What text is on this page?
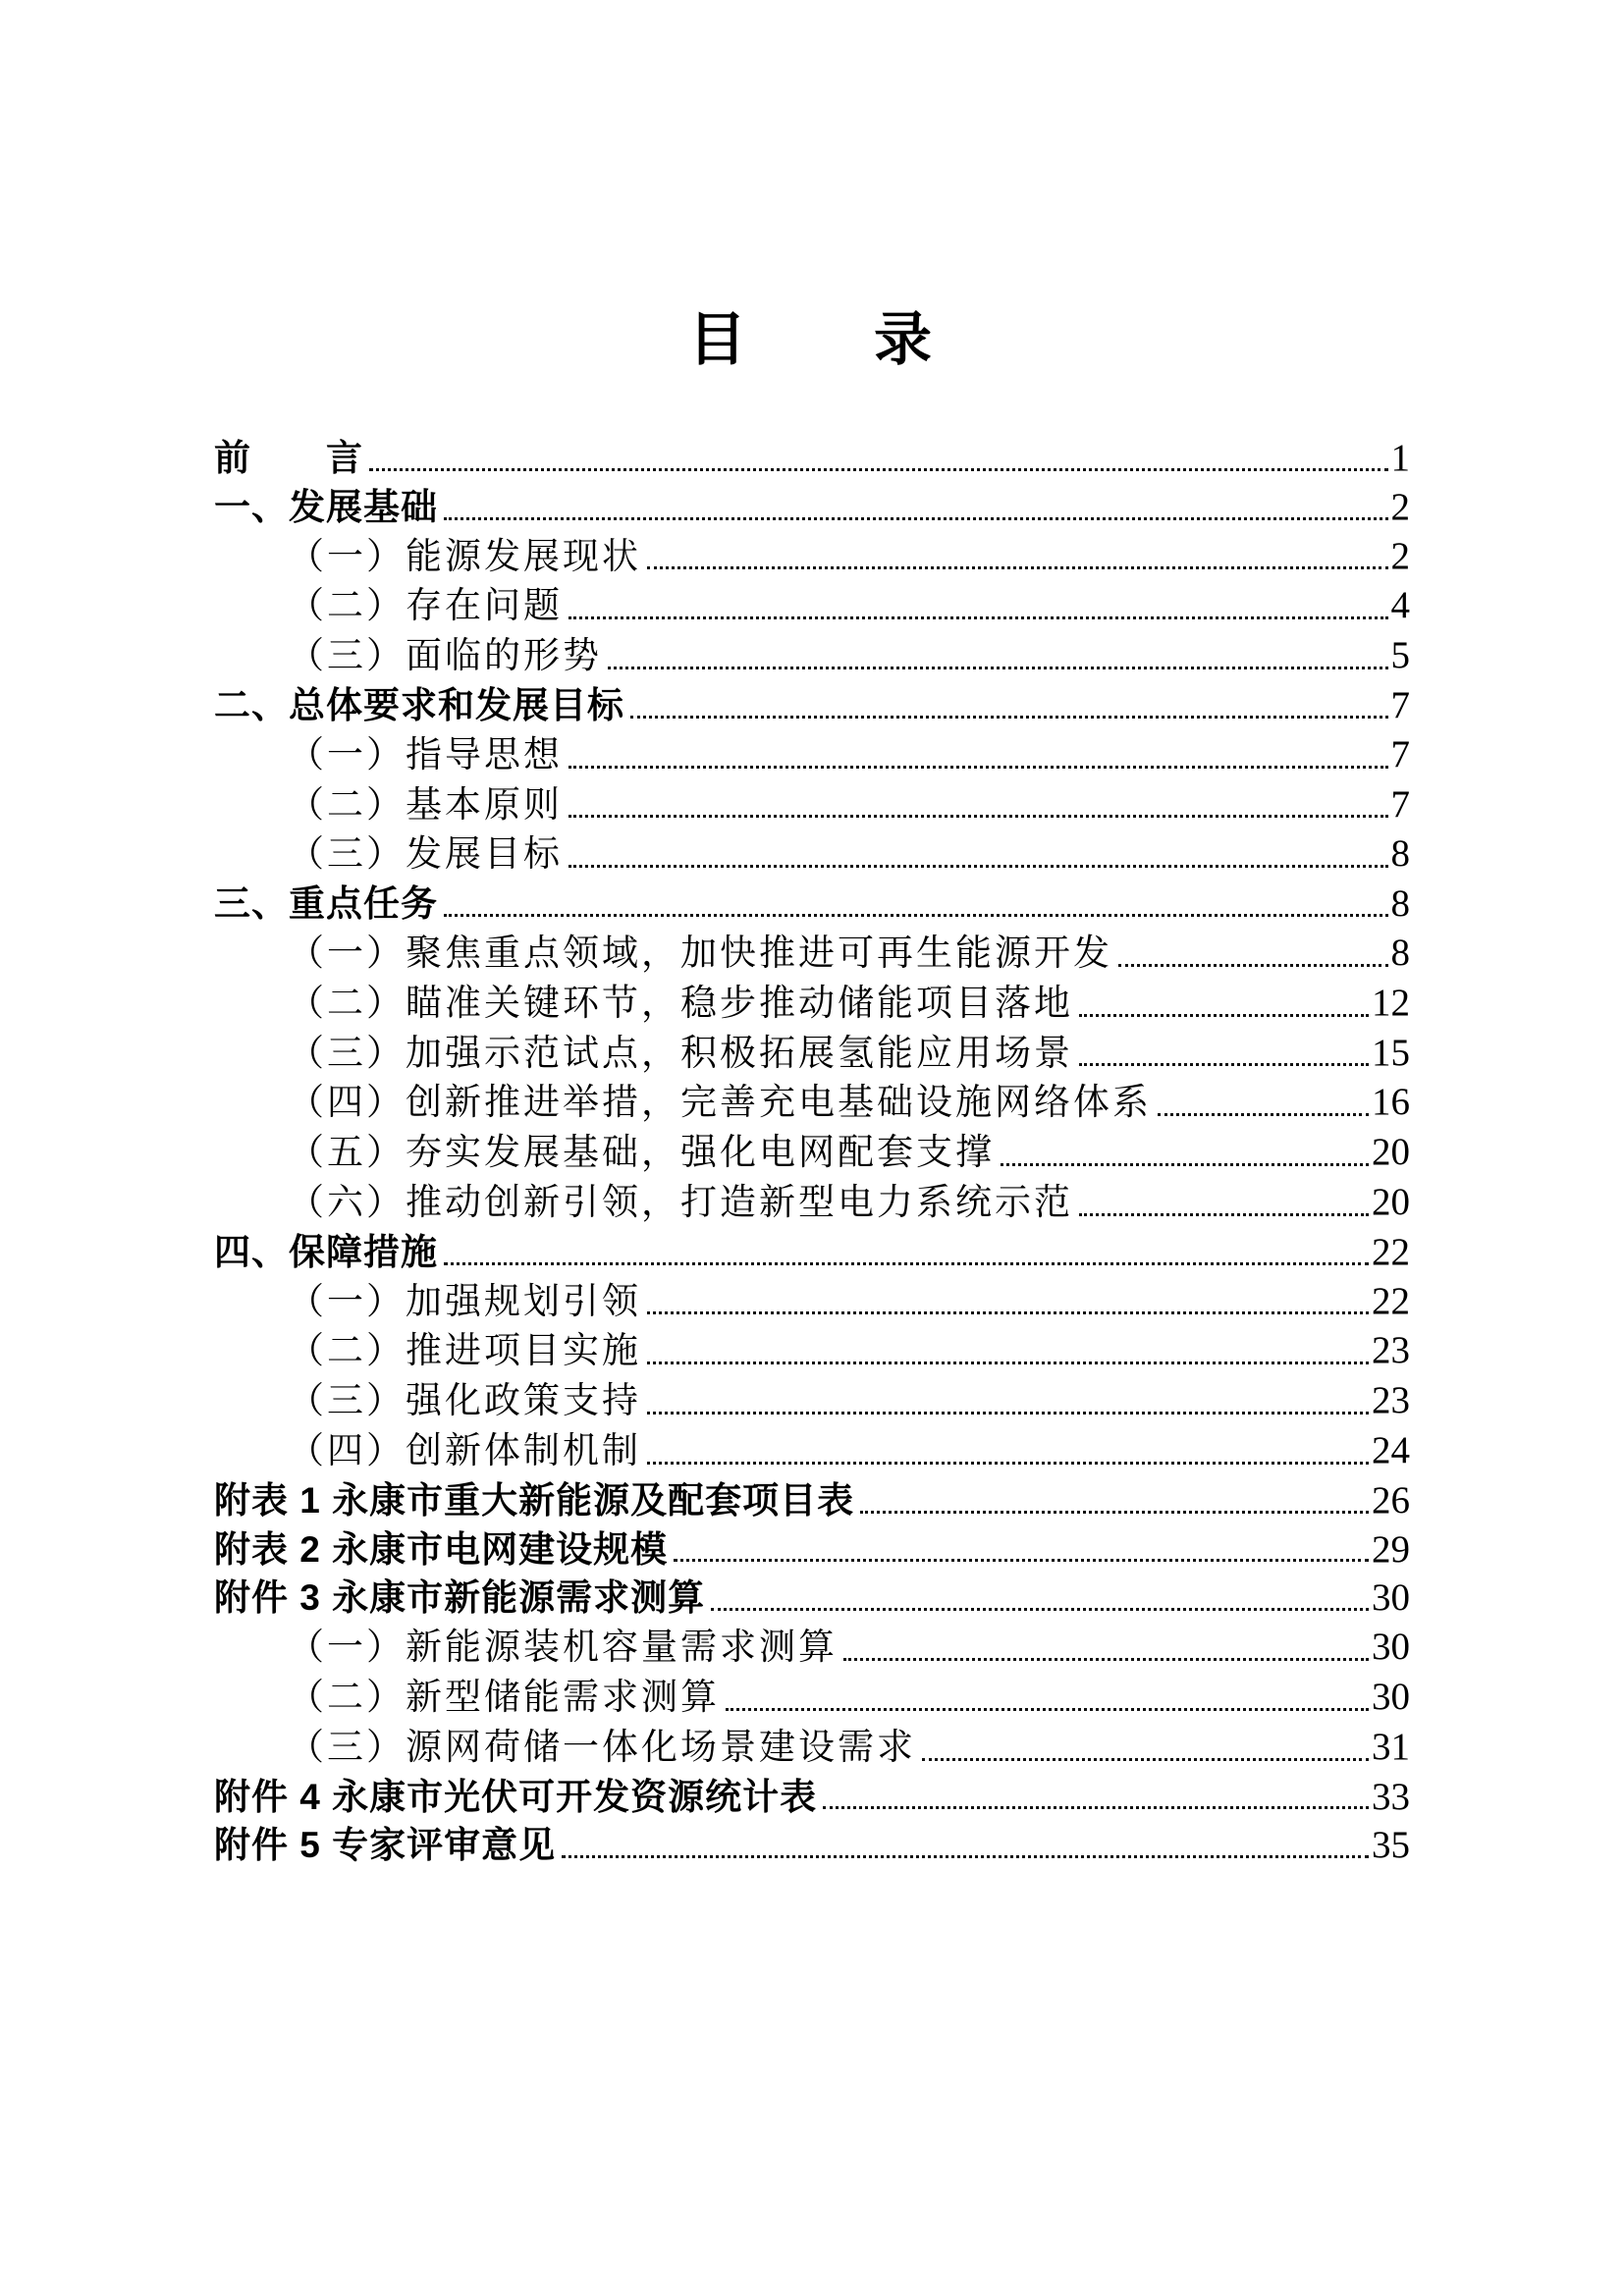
目　　录
前　　言	1
一、发展基础	2
（一）能源发展现状	2
（二）存在问题	4
（三）面临的形势	5
二、总体要求和发展目标	7
（一）指导思想	7
（二）基本原则	7
（三）发展目标	8
三、重点任务	8
（一）聚焦重点领域，加快推进可再生能源开发	8
（二）瞄准关键环节，稳步推动储能项目落地	12
（三）加强示范试点，积极拓展氢能应用场景	15
（四）创新推进举措，完善充电基础设施网络体系	16
（五）夯实发展基础，强化电网配套支撑	20
（六）推动创新引领，打造新型电力系统示范	20
四、保障措施	22
（一）加强规划引领	22
（二）推进项目实施	23
（三）强化政策支持	23
（四）创新体制机制	24
附表 1 永康市重大新能源及配套项目表	26
附表 2 永康市电网建设规模	29
附件 3 永康市新能源需求测算	30
（一）新能源装机容量需求测算	30
（二）新型储能需求测算	30
（三）源网荷储一体化场景建设需求	31
附件 4 永康市光伏可开发资源统计表	33
附件 5 专家评审意见	35
